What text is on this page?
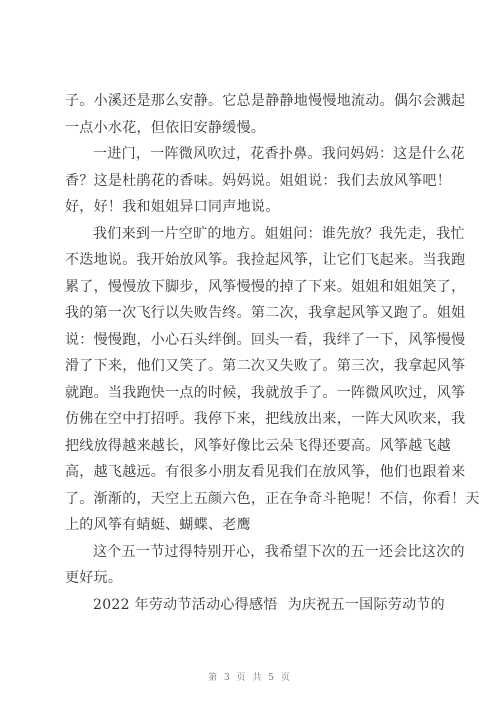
子。小溪还是那么安静。它总是静静地慢慢地流动。偶尔会溅起
一点小水花，但依旧安静缓慢。
一进门，一阵微风吹过，花香扑鼻。我问妈妈：这是什么花
香？这是杜鹃花的香味。妈妈说。姐姐说：我们去放风筝吧！
好，好！我和姐姐异口同声地说。
我们来到一片空旷的地方。姐姐问：谁先放？我先走，我忙
不迭地说。我开始放风筝。我捡起风筝，让它们飞起来。当我跑
累了，慢慢放下脚步，风筝慢慢的掉了下来。姐姐和姐姐笑了，
我的第一次飞行以失败告终。第二次，我拿起风筝又跑了。姐姐
说：慢慢跑，小心石头绊倒。回头一看，我绊了一下，风筝慢慢
滑了下来，他们又笑了。第二次又失败了。第三次，我拿起风筝
就跑。当我跑快一点的时候，我就放手了。一阵微风吹过，风筝
仿佛在空中打招呼。我停下来，把线放出来，一阵大风吹来，我
把线放得越来越长，风筝好像比云朵飞得还要高。风筝越飞越
高，越飞越远。有很多小朋友看见我们在放风筝，他们也跟着来
了。渐渐的，天空上五颜六色，正在争奇斗艳呢！不信，你看！天
上的风筝有蜻蜓、蝴蝶、老鹰
这个五一节过得特别开心，我希望下次的五一还会比这次的
更好玩。
2022 年劳动节活动心得感悟 为庆祝五一国际劳动节的
第 3 页 共 5 页
